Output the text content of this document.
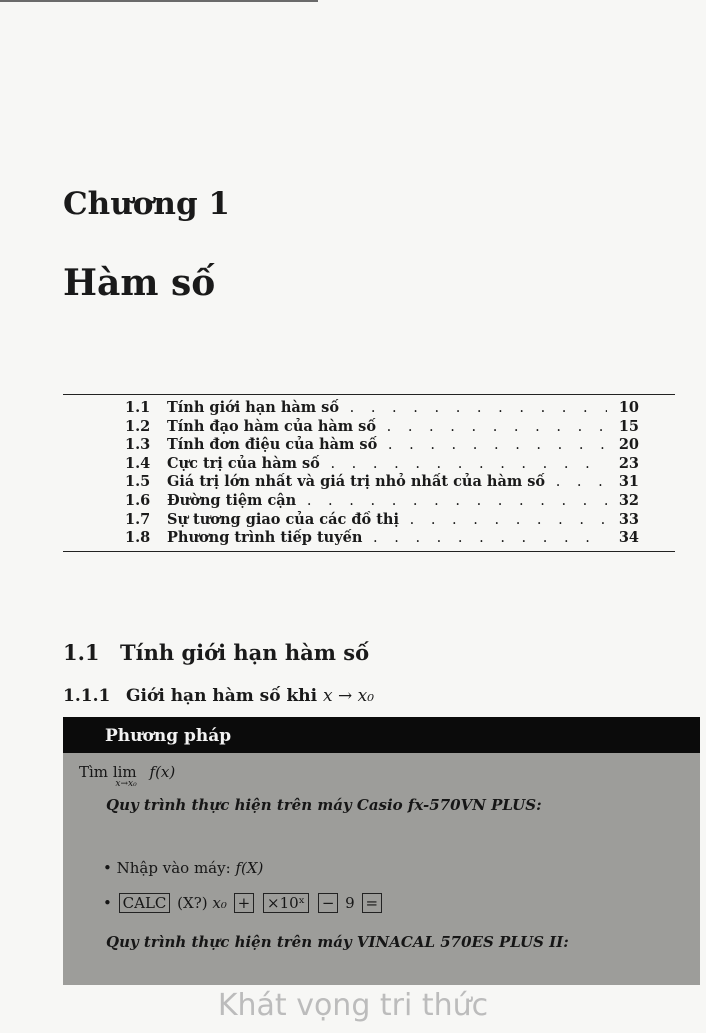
Chương 1
Hàm số
1.1 Tính giới hạn hàm số . .	10
1.2 Tính đạo hàm của hàm số . .	15
1.3 Tính đơn điệu của hàm số . .	20
1.4 Cực trị của hàm số . .	23
1.5 Giá trị lớn nhất và giá trị nhỏ nhất của hàm số . .	31
1.6 Đường tiệm cận . .	32
1.7 Sự tương giao của các đồ thị . .	33
1.8 Phương trình tiếp tuyến . .	34
1.1 Tính giới hạn hàm số
1.1.1 Giới hạn hàm số khi x → x₀
Phương pháp
Tìm lim $_{x\to x_0}$ f(x)
Quy trình thực hiện trên máy Casio fx-570VN PLUS:
• Nhập vào máy: f(X)
• CALC (X?) x₀ + ×10ˣ − 9 =
Quy trình thực hiện trên máy VINACAL 570ES PLUS II:
Khát vọng tri thức
